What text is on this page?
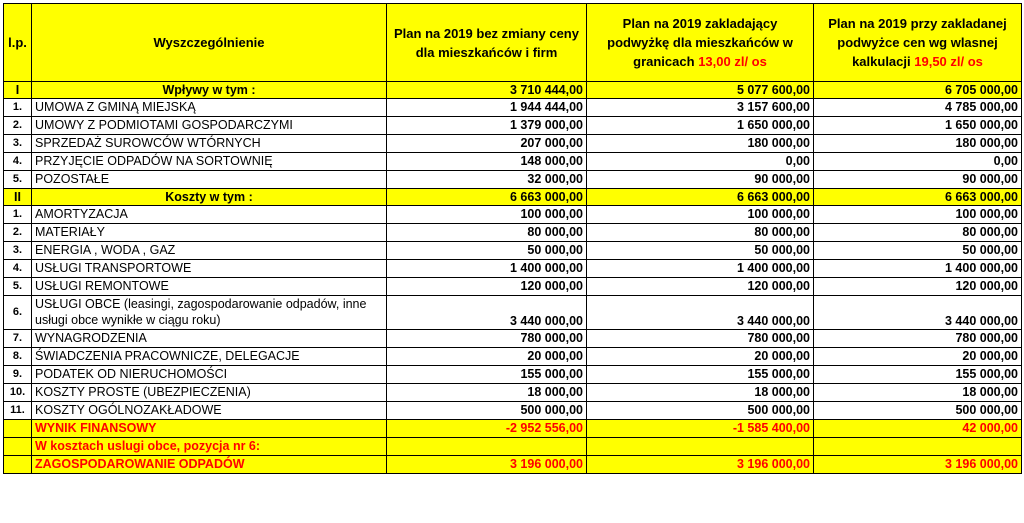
l.p.	Wyszczególnienie	Plan na 2019 bez zmiany ceny dla mieszkańców i firm	Plan na 2019 zakladający podwyżkę dla mieszkańców w granicach 13,00 zl/ os	Plan na 2019 przy zakladanej podwyżce cen wg wlasnej kalkulacji 19,50 zl/ os
I	Wpływy w tym :	3 710 444,00	5 077 600,00	6 705 000,00
1.	UMOWA Z GMINĄ MIEJSKĄ	1 944 444,00	3 157 600,00	4 785 000,00
2.	UMOWY Z PODMIOTAMI GOSPODARCZYMI	1 379 000,00	1 650 000,00	1 650 000,00
3.	SPRZEDAŻ SUROWCÓW WTÓRNYCH	207 000,00	180 000,00	180 000,00
4.	PRZYJĘCIE ODPADÓW NA SORTOWNIĘ	148 000,00	0,00	0,00
5.	POZOSTAŁE	32 000,00	90 000,00	90 000,00
II	Koszty w tym :	6 663 000,00	6 663 000,00	6 663 000,00
1.	AMORTYZACJA	100 000,00	100 000,00	100 000,00
2.	MATERIAŁY	80 000,00	80 000,00	80 000,00
3.	ENERGIA , WODA , GAZ	50 000,00	50 000,00	50 000,00
4.	USŁUGI TRANSPORTOWE	1 400 000,00	1 400 000,00	1 400 000,00
5.	USŁUGI REMONTOWE	120 000,00	120 000,00	120 000,00
6.	USŁUGI OBCE (leasingi, zagospodarowanie odpadów, inne usługi obce wynikłe w ciągu roku)	3 440 000,00	3 440 000,00	3 440 000,00
7.	WYNAGRODZENIA	780 000,00	780 000,00	780 000,00
8.	ŚWIADCZENIA PRACOWNICZE, DELEGACJE	20 000,00	20 000,00	20 000,00
9.	PODATEK OD NIERUCHOMOŚCI	155 000,00	155 000,00	155 000,00
10.	KOSZTY PROSTE (UBEZPIECZENIA)	18 000,00	18 000,00	18 000,00
11.	KOSZTY OGÓLNOZAKŁADOWE	500 000,00	500 000,00	500 000,00
	WYNIK FINANSOWY	-2 952 556,00	-1 585 400,00	42 000,00
	W kosztach uslugi obce, pozycja nr 6:			
	ZAGOSPODAROWANIE ODPADÓW	3 196 000,00	3 196 000,00	3 196 000,00
